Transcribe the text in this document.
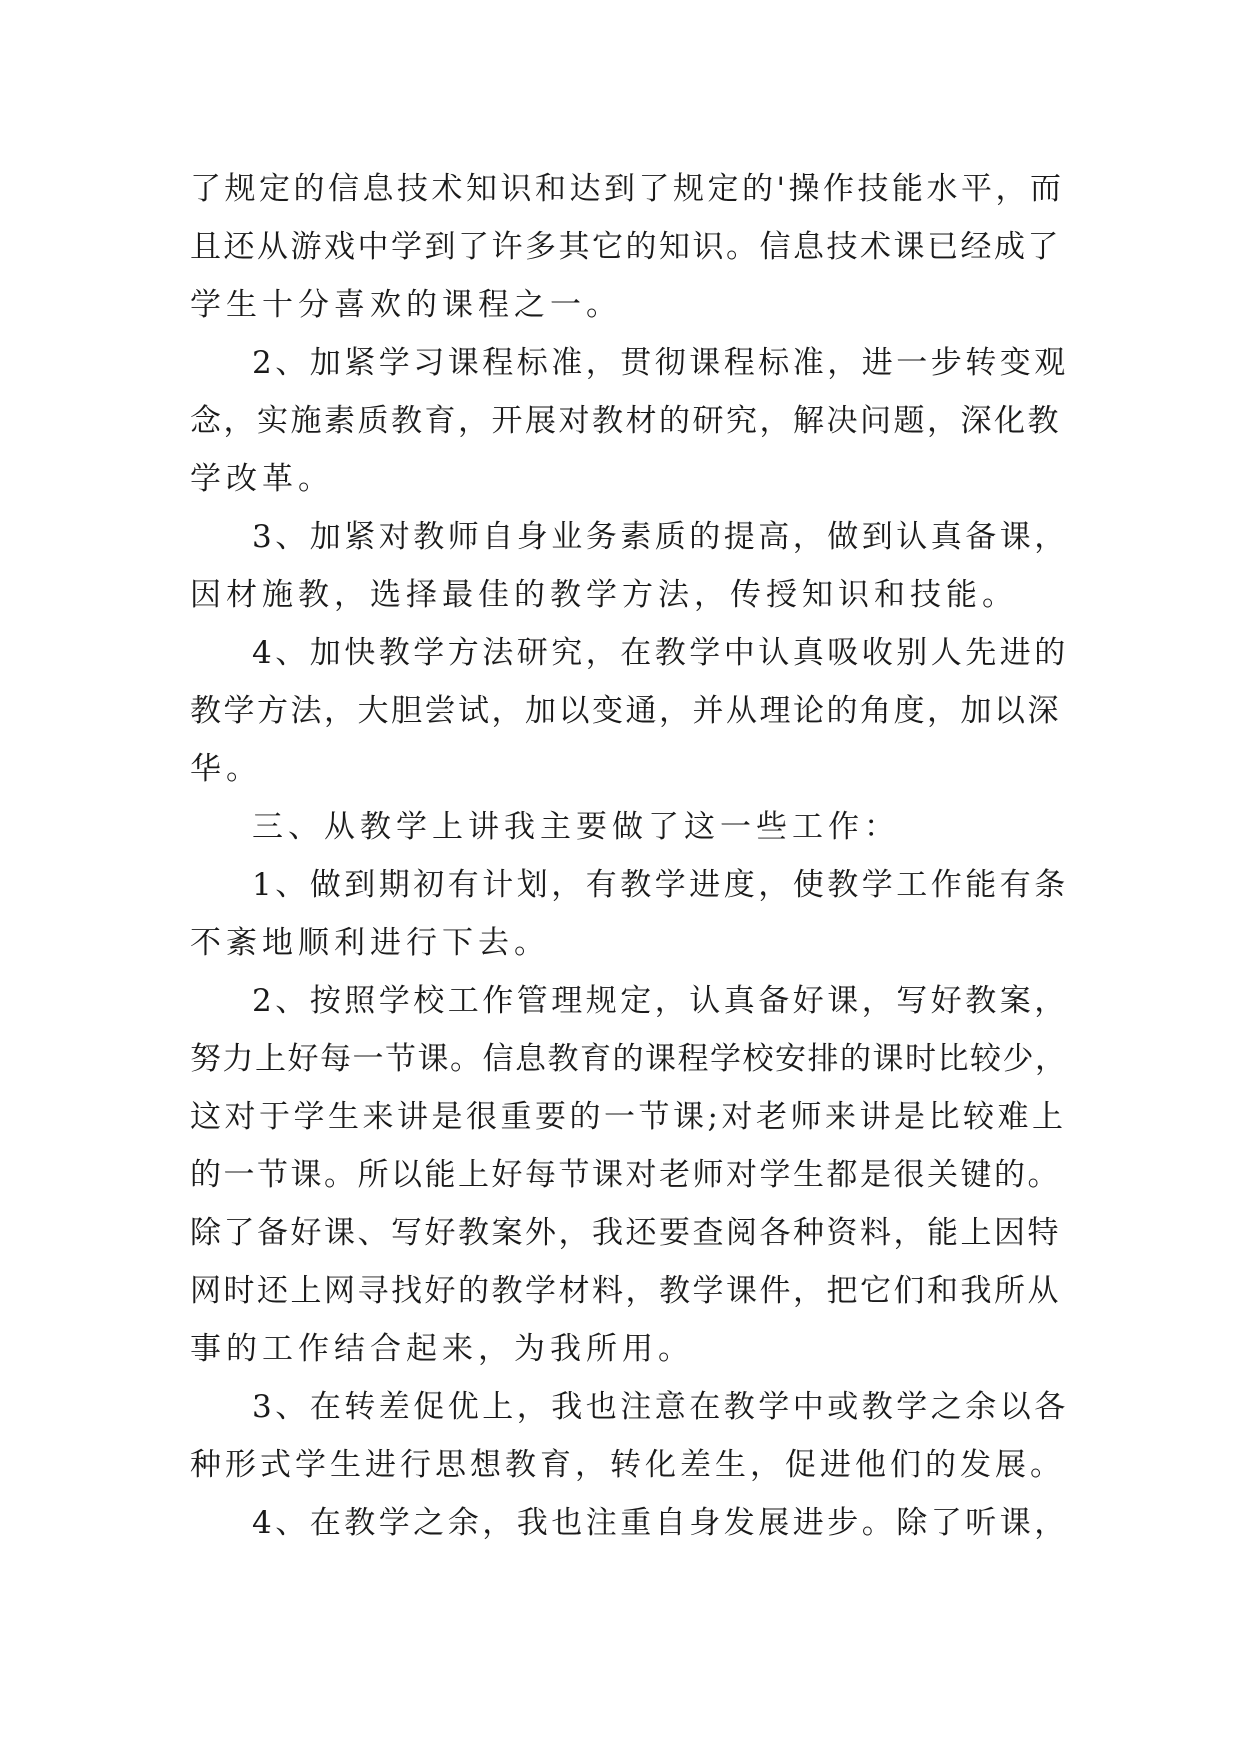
了规定的信息技术知识和达到了规定的'操作技能水平，而
且还从游戏中学到了许多其它的知识。信息技术课已经成了
学生十分喜欢的课程之一。
2、加紧学习课程标准，贯彻课程标准，进一步转变观
念，实施素质教育，开展对教材的研究，解决问题，深化教
学改革。
3、加紧对教师自身业务素质的提高，做到认真备课，
因材施教，选择最佳的教学方法，传授知识和技能。
4、加快教学方法研究，在教学中认真吸收别人先进的
教学方法，大胆尝试，加以变通，并从理论的角度，加以深
华。
三、从教学上讲我主要做了这一些工作：
1、做到期初有计划，有教学进度，使教学工作能有条
不紊地顺利进行下去。
2、按照学校工作管理规定，认真备好课，写好教案，
努力上好每一节课。信息教育的课程学校安排的课时比较少，
这对于学生来讲是很重要的一节课;对老师来讲是比较难上
的一节课。所以能上好每节课对老师对学生都是很关键的。
除了备好课、写好教案外，我还要查阅各种资料，能上因特
网时还上网寻找好的教学材料，教学课件，把它们和我所从
事的工作结合起来，为我所用。
3、在转差促优上，我也注意在教学中或教学之余以各
种形式学生进行思想教育，转化差生，促进他们的发展。
4、在教学之余，我也注重自身发展进步。除了听课，
